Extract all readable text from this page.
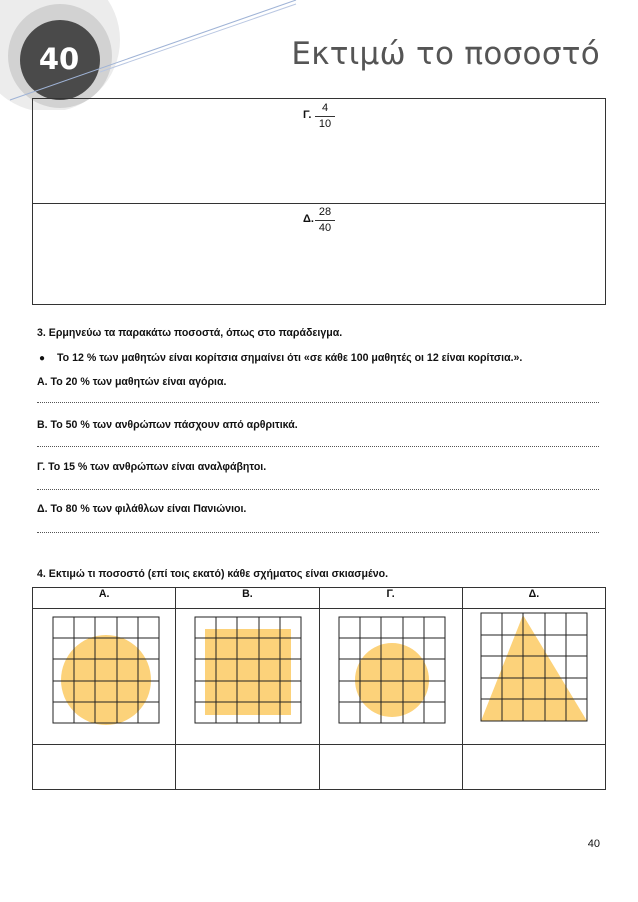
40	Εκτιμώ το ποσοστό
$\frac{\Gamma. \frac{4}{10}}{\Delta. \frac{28}{40}}$
3. Ερμηνεύω τα παρακάτω ποσοστά, όπως στο παράδειγμα.
● Το 12 % των μαθητών είναι κορίτσια σημαίνει ότι «σε κάθε 100 μαθητές οι 12 είναι κορίτσια.».
Α. Το 20 % των μαθητών είναι αγόρια.
Β. Το 50 % των ανθρώπων πάσχουν από αρθριτικά.
Γ. Το 15 % των ανθρώπων είναι αναλφάβητοι.
Δ. Το 80 % των φιλάθλων είναι Πανιώνιοι.
4. Εκτιμώ τι ποσοστό (επί τοις εκατό) κάθε σχήματος είναι σκιασμένο.
Α.	Β.	Γ.	Δ.

40
